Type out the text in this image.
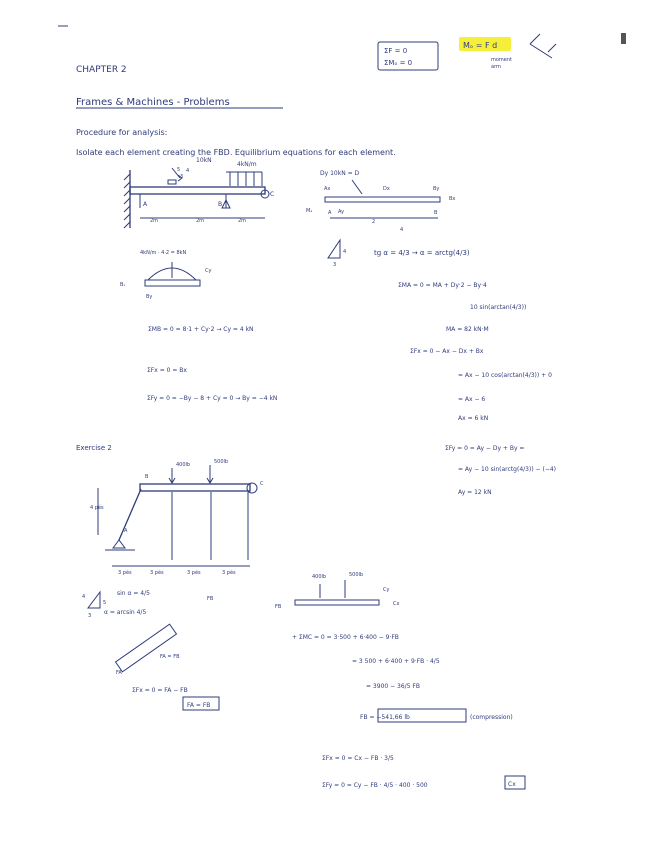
ΣF = 0
ΣMₒ = 0
Mₒ = F d
moment
arm
CHAPTER 2
Frames & Machines - Problems
Procedure for analysis:
Isolate each element creating the FBD. Equilibrium equations for each element.
10kN
5 4
3
4kN/m
A	B
C
2m	2m	2m
Dy 10kN = D
Ax	Dx
Bx
Ay
By
Mₐ	A	B
2
4
4kN/m · 4·2 = 8kN
Cy
Bₓ
By
4
3
tg α = 4/3 → α = arctg(4/3)
ΣMA = 0 = MA + Dy·2 − By·4
10 sin(arctan(4/3))
ΣMB = 0 = 8·1 + Cy·2 → Cy = 4 kN	MA = 82 kN·M
ΣFx = 0 − Ax − Dx + Bx
ΣFx = 0 = Bx
= Ax − 10 cos(arctan(4/3)) + 0
ΣFy = 0 = −By − 8 + Cy = 0 → By = −4 kN	= Ax − 6
Ax = 6 kN
ΣFy = 0 = Ay − Dy + By =
= Ay − 10 sin(arctg(4/3)) − (−4)
Ay = 12 kN
Exercise 2
400lb	500lb
B
C
A
4 pés
3 pés	3 pés	3 pés	3 pés
4
5
3
sin α = 4/5
α = arcsin 4/5
FB
FA
FA = FB
ΣFx = 0 = FA − FB
FA = FB
400lb	500lb
FB
Cy
Cx
+ ΣMC = 0 = 3·500 + 6·400 − 9·FB
= 3 500 + 6·400 + 9·FB · 4/5
= 3900 − 36/5 FB
FB = −541,66 lb	(compression)
ΣFx = 0 = Cx − FB · 3/5
ΣFy = 0 = Cy − FB · 4/5 · 400 · 500	Cx
